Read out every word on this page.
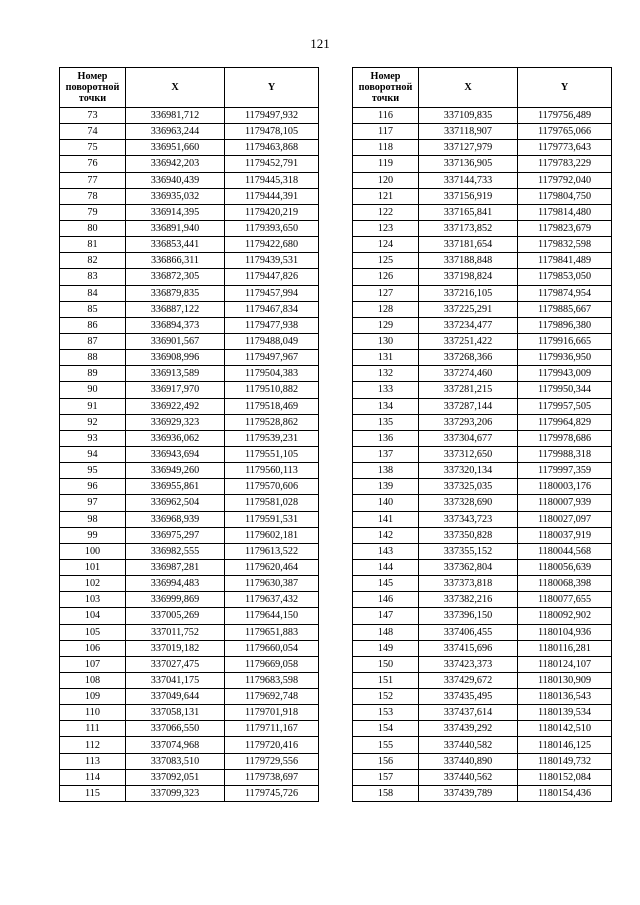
121
Номер поворотной точки	X	Y
73	336981,712	1179497,932
74	336963,244	1179478,105
75	336951,660	1179463,868
76	336942,203	1179452,791
77	336940,439	1179445,318
78	336935,032	1179444,391
79	336914,395	1179420,219
80	336891,940	1179393,650
81	336853,441	1179422,680
82	336866,311	1179439,531
83	336872,305	1179447,826
84	336879,835	1179457,994
85	336887,122	1179467,834
86	336894,373	1179477,938
87	336901,567	1179488,049
88	336908,996	1179497,967
89	336913,589	1179504,383
90	336917,970	1179510,882
91	336922,492	1179518,469
92	336929,323	1179528,862
93	336936,062	1179539,231
94	336943,694	1179551,105
95	336949,260	1179560,113
96	336955,861	1179570,606
97	336962,504	1179581,028
98	336968,939	1179591,531
99	336975,297	1179602,181
100	336982,555	1179613,522
101	336987,281	1179620,464
102	336994,483	1179630,387
103	336999,869	1179637,432
104	337005,269	1179644,150
105	337011,752	1179651,883
106	337019,182	1179660,054
107	337027,475	1179669,058
108	337041,175	1179683,598
109	337049,644	1179692,748
110	337058,131	1179701,918
111	337066,550	1179711,167
112	337074,968	1179720,416
113	337083,510	1179729,556
114	337092,051	1179738,697
115	337099,323	1179745,726
Номер поворотной точки	X	Y
116	337109,835	1179756,489
117	337118,907	1179765,066
118	337127,979	1179773,643
119	337136,905	1179783,229
120	337144,733	1179792,040
121	337156,919	1179804,750
122	337165,841	1179814,480
123	337173,852	1179823,679
124	337181,654	1179832,598
125	337188,848	1179841,489
126	337198,824	1179853,050
127	337216,105	1179874,954
128	337225,291	1179885,667
129	337234,477	1179896,380
130	337251,422	1179916,665
131	337268,366	1179936,950
132	337274,460	1179943,009
133	337281,215	1179950,344
134	337287,144	1179957,505
135	337293,206	1179964,829
136	337304,677	1179978,686
137	337312,650	1179988,318
138	337320,134	1179997,359
139	337325,035	1180003,176
140	337328,690	1180007,939
141	337343,723	1180027,097
142	337350,828	1180037,919
143	337355,152	1180044,568
144	337362,804	1180056,639
145	337373,818	1180068,398
146	337382,216	1180077,655
147	337396,150	1180092,902
148	337406,455	1180104,936
149	337415,696	1180116,281
150	337423,373	1180124,107
151	337429,672	1180130,909
152	337435,495	1180136,543
153	337437,614	1180139,534
154	337439,292	1180142,510
155	337440,582	1180146,125
156	337440,890	1180149,732
157	337440,562	1180152,084
158	337439,789	1180154,436
